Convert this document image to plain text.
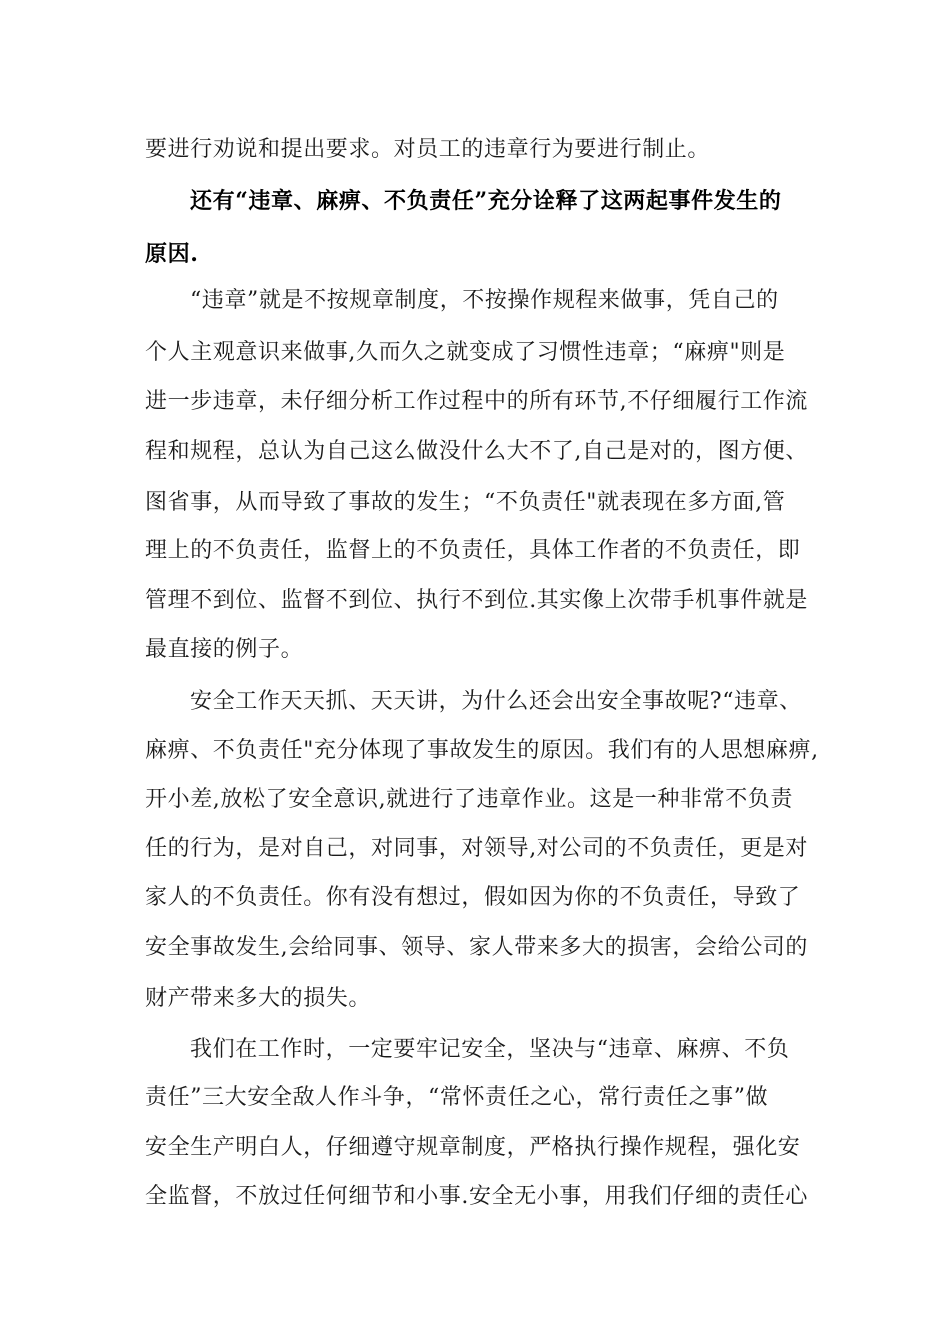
要进行劝说和提出要求。对员工的违章行为要进行制止。
还有“违章、麻痹、不负责任”充分诠释了这两起事件发生的
原因.
“违章”就是不按规章制度，不按操作规程来做事，凭自己的
个人主观意识来做事,久而久之就变成了习惯性违章；“麻痹"则是
进一步违章，未仔细分析工作过程中的所有环节,不仔细履行工作流
程和规程，总认为自己这么做没什么大不了,自己是对的，图方便、
图省事，从而导致了事故的发生；“不负责任"就表现在多方面,管
理上的不负责任，监督上的不负责任，具体工作者的不负责任，即
管理不到位、监督不到位、执行不到位.其实像上次带手机事件就是
最直接的例子。
安全工作天天抓、天天讲，为什么还会出安全事故呢?“违章、
麻痹、不负责任"充分体现了事故发生的原因。我们有的人思想麻痹,
开小差,放松了安全意识,就进行了违章作业。这是一种非常不负责
任的行为，是对自己，对同事，对领导,对公司的不负责任，更是对
家人的不负责任。你有没有想过，假如因为你的不负责任，导致了
安全事故发生,会给同事、领导、家人带来多大的损害，会给公司的
财产带来多大的损失。
我们在工作时，一定要牢记安全，坚决与“违章、麻痹、不负
责任”三大安全敌人作斗争，“常怀责任之心，常行责任之事”做
安全生产明白人，仔细遵守规章制度，严格执行操作规程，强化安
全监督，不放过任何细节和小事.安全无小事，用我们仔细的责任心
